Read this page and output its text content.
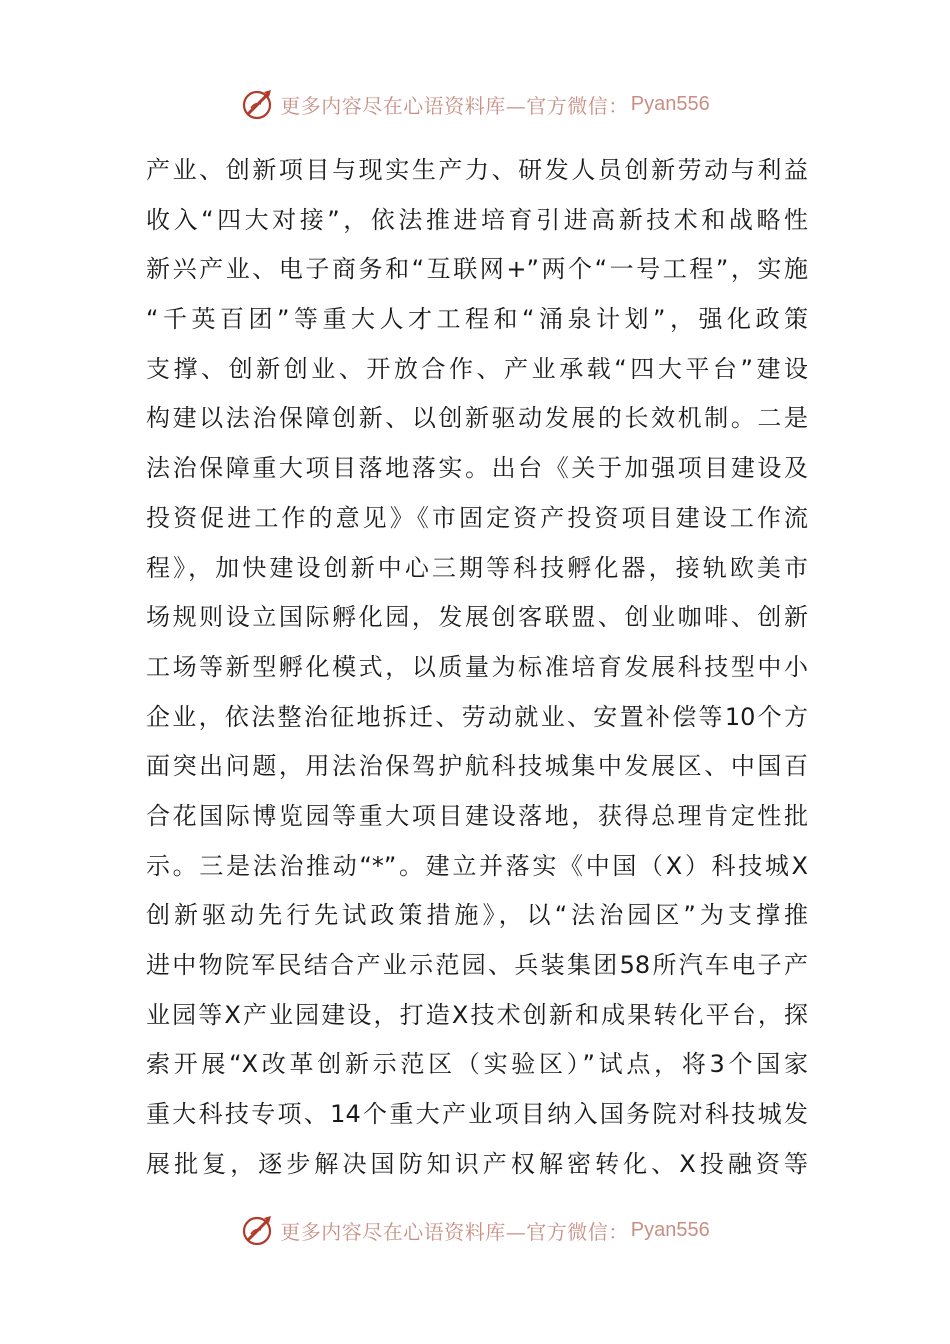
更多内容尽在心语资料库—官方微信： Pyan556
产业、创新项目与现实生产力、研发人员创新劳动与利益
收入“四大对接”，依法推进培育引进高新技术和战略性
新兴产业、电子商务和“互联网+”两个“一号工程”，实施
“千英百团”等重大人才工程和“涌泉计划”，强化政策
支撑、创新创业、开放合作、产业承载“四大平台”建设
构建以法治保障创新、以创新驱动发展的长效机制。二是
法治保障重大项目落地落实。出台《关于加强项目建设及
投资促进工作的意见》《市固定资产投资项目建设工作流
程》，加快建设创新中心三期等科技孵化器，接轨欧美市
场规则设立国际孵化园，发展创客联盟、创业咖啡、创新
工场等新型孵化模式，以质量为标准培育发展科技型中小
企业，依法整治征地拆迁、劳动就业、安置补偿等10个方
面突出问题，用法治保驾护航科技城集中发展区、中国百
合花国际博览园等重大项目建设落地，获得总理肯定性批
示。三是法治推动“*”。建立并落实《中国（X）科技城X
创新驱动先行先试政策措施》，以“法治园区”为支撑推
进中物院军民结合产业示范园、兵装集团58所汽车电子产
业园等X产业园建设，打造X技术创新和成果转化平台，探
索开展“X改革创新示范区（实验区）”试点，将3个国家
重大科技专项、14个重大产业项目纳入国务院对科技城发
展批复，逐步解决国防知识产权解密转化、X投融资等
更多内容尽在心语资料库—官方微信： Pyan556
